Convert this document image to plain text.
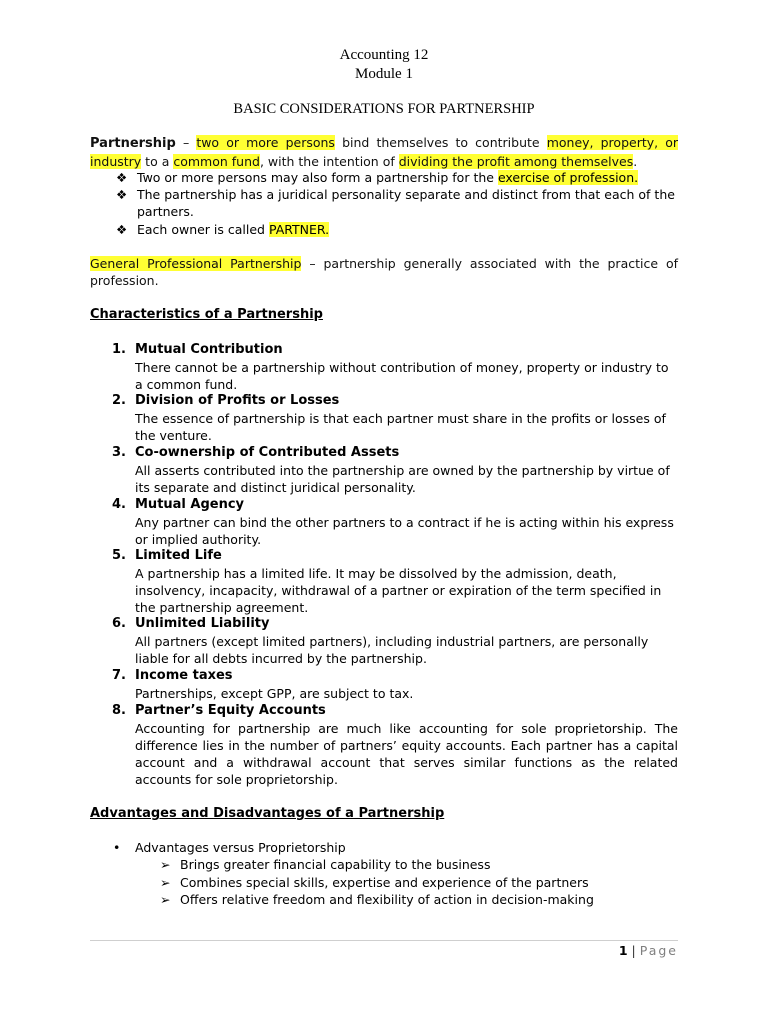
Accounting 12
Module 1
BASIC CONSIDERATIONS FOR PARTNERSHIP
Partnership – two or more persons bind themselves to contribute money, property, or industry to a common fund, with the intention of dividing the profit among themselves.
❖ Two or more persons may also form a partnership for the exercise of profession.
❖ The partnership has a juridical personality separate and distinct from that each of the partners.
❖ Each owner is called PARTNER.
General Professional Partnership – partnership generally associated with the practice of profession.
Characteristics of a Partnership
1. Mutual Contribution
There cannot be a partnership without contribution of money, property or industry to a common fund.
2. Division of Profits or Losses
The essence of partnership is that each partner must share in the profits or losses of the venture.
3. Co-ownership of Contributed Assets
All asserts contributed into the partnership are owned by the partnership by virtue of its separate and distinct juridical personality.
4. Mutual Agency
Any partner can bind the other partners to a contract if he is acting within his express or implied authority.
5. Limited Life
A partnership has a limited life. It may be dissolved by the admission, death, insolvency, incapacity, withdrawal of a partner or expiration of the term specified in the partnership agreement.
6. Unlimited Liability
All partners (except limited partners), including industrial partners, are personally liable for all debts incurred by the partnership.
7. Income taxes
Partnerships, except GPP, are subject to tax.
8. Partner’s Equity Accounts
Accounting for partnership are much like accounting for sole proprietorship. The difference lies in the number of partners’ equity accounts. Each partner has a capital account and a withdrawal account that serves similar functions as the related accounts for sole proprietorship.
Advantages and Disadvantages of a Partnership
• Advantages versus Proprietorship
➢ Brings greater financial capability to the business
➢ Combines special skills, expertise and experience of the partners
➢ Offers relative freedom and flexibility of action in decision-making
1 | Page
